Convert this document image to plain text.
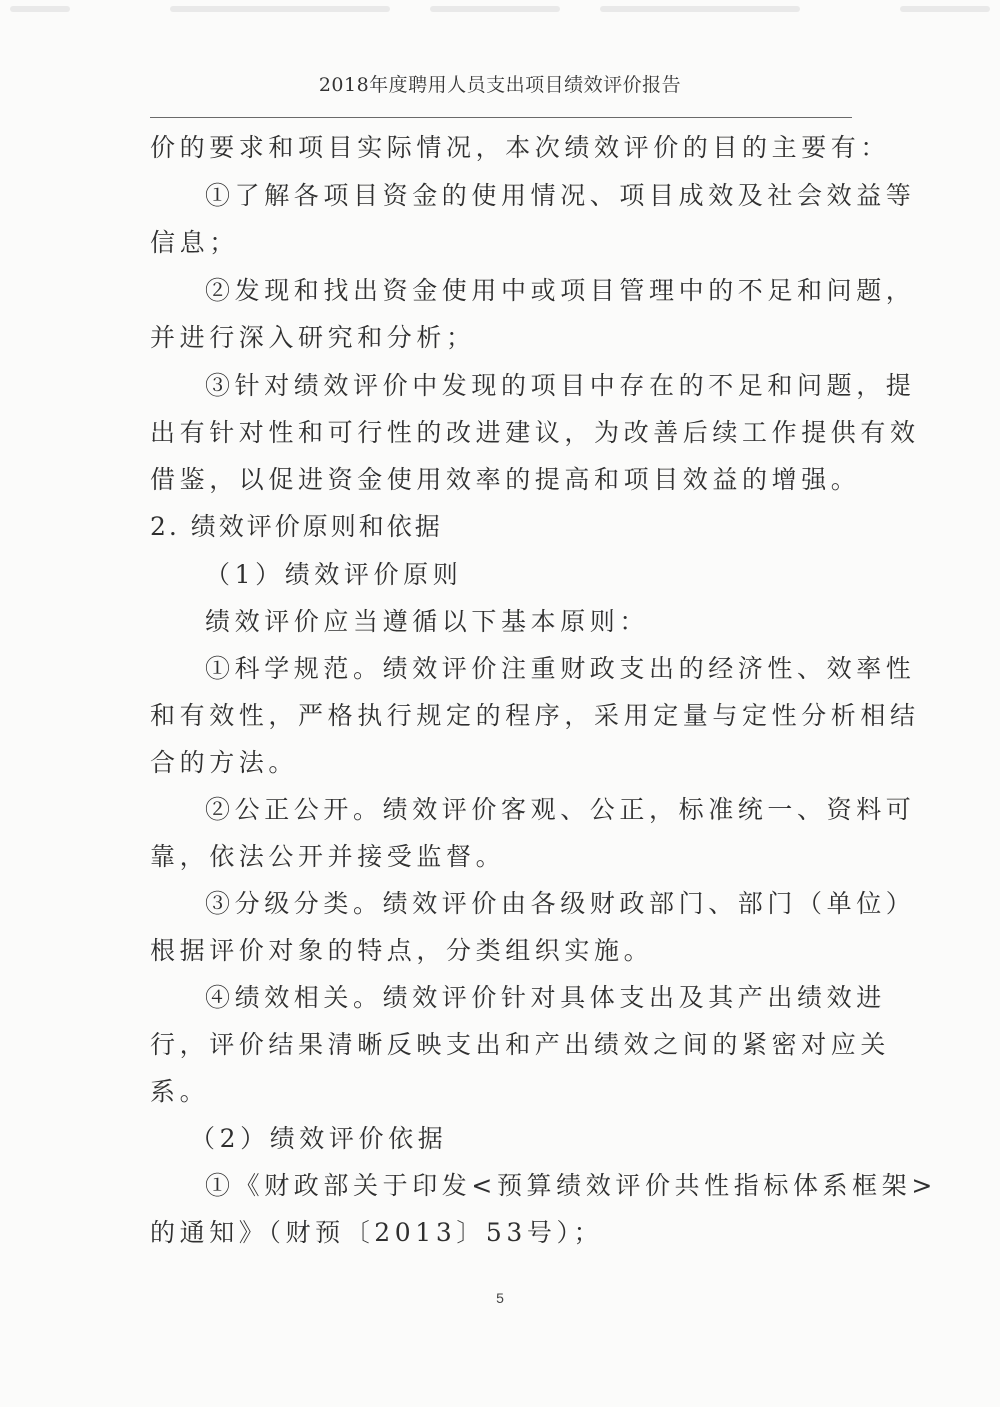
2018年度聘用人员支出项目绩效评价报告
价的要求和项目实际情况，本次绩效评价的目的主要有：
①了解各项目资金的使用情况、项目成效及社会效益等
信息；
②发现和找出资金使用中或项目管理中的不足和问题，
并进行深入研究和分析；
③针对绩效评价中发现的项目中存在的不足和问题，提
出有针对性和可行性的改进建议，为改善后续工作提供有效
借鉴，以促进资金使用效率的提高和项目效益的增强。
2. 绩效评价原则和依据
（1）绩效评价原则
绩效评价应当遵循以下基本原则：
①科学规范。绩效评价注重财政支出的经济性、效率性
和有效性，严格执行规定的程序，采用定量与定性分析相结
合的方法。
②公正公开。绩效评价客观、公正，标准统一、资料可
靠，依法公开并接受监督。
③分级分类。绩效评价由各级财政部门、部门（单位）
根据评价对象的特点，分类组织实施。
④绩效相关。绩效评价针对具体支出及其产出绩效进
行，评价结果清晰反映支出和产出绩效之间的紧密对应关
系。
（2）绩效评价依据
①《财政部关于印发<预算绩效评价共性指标体系框架>
的通知》（财预〔2013〕53号）；
5
